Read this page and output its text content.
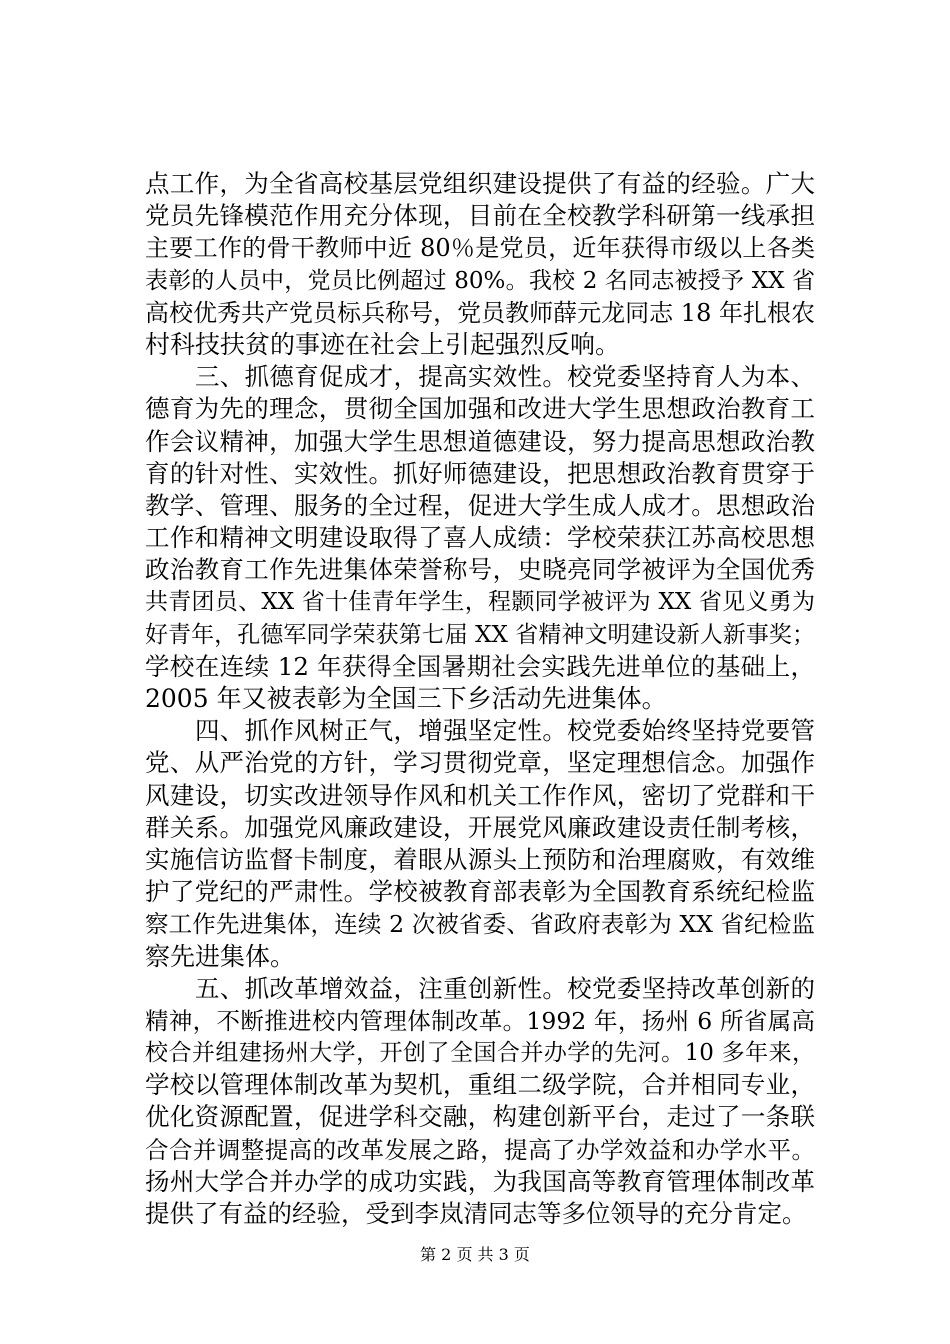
点工作，为全省高校基层党组织建设提供了有益的经验。广大
党员先锋模范作用充分体现，目前在全校教学科研第一线承担
主要工作的骨干教师中近 80％是党员，近年获得市级以上各类
表彰的人员中，党员比例超过 80%。我校 2 名同志被授予 XX 省
高校优秀共产党员标兵称号，党员教师薛元龙同志 18 年扎根农
村科技扶贫的事迹在社会上引起强烈反响。
三、抓德育促成才，提高实效性。校党委坚持育人为本、
德育为先的理念，贯彻全国加强和改进大学生思想政治教育工
作会议精神，加强大学生思想道德建设，努力提高思想政治教
育的针对性、实效性。抓好师德建设，把思想政治教育贯穿于
教学、管理、服务的全过程，促进大学生成人成才。思想政治
工作和精神文明建设取得了喜人成绩：学校荣获江苏高校思想
政治教育工作先进集体荣誉称号，史晓亮同学被评为全国优秀
共青团员、XX 省十佳青年学生，程颢同学被评为 XX 省见义勇为
好青年，孔德军同学荣获第七届 XX 省精神文明建设新人新事奖；
学校在连续 12 年获得全国暑期社会实践先进单位的基础上，
2005 年又被表彰为全国三下乡活动先进集体。
四、抓作风树正气，增强坚定性。校党委始终坚持党要管
党、从严治党的方针，学习贯彻党章，坚定理想信念。加强作
风建设，切实改进领导作风和机关工作作风，密切了党群和干
群关系。加强党风廉政建设，开展党风廉政建设责任制考核，
实施信访监督卡制度，着眼从源头上预防和治理腐败，有效维
护了党纪的严肃性。学校被教育部表彰为全国教育系统纪检监
察工作先进集体，连续 2 次被省委、省政府表彰为 XX 省纪检监
察先进集体。
五、抓改革增效益，注重创新性。校党委坚持改革创新的
精神，不断推进校内管理体制改革。1992 年，扬州 6 所省属高
校合并组建扬州大学，开创了全国合并办学的先河。10 多年来，
学校以管理体制改革为契机，重组二级学院，合并相同专业，
优化资源配置，促进学科交融，构建创新平台，走过了一条联
合合并调整提高的改革发展之路，提高了办学效益和办学水平。
扬州大学合并办学的成功实践，为我国高等教育管理体制改革
提供了有益的经验，受到李岚清同志等多位领导的充分肯定。
第 2 页 共 3 页
